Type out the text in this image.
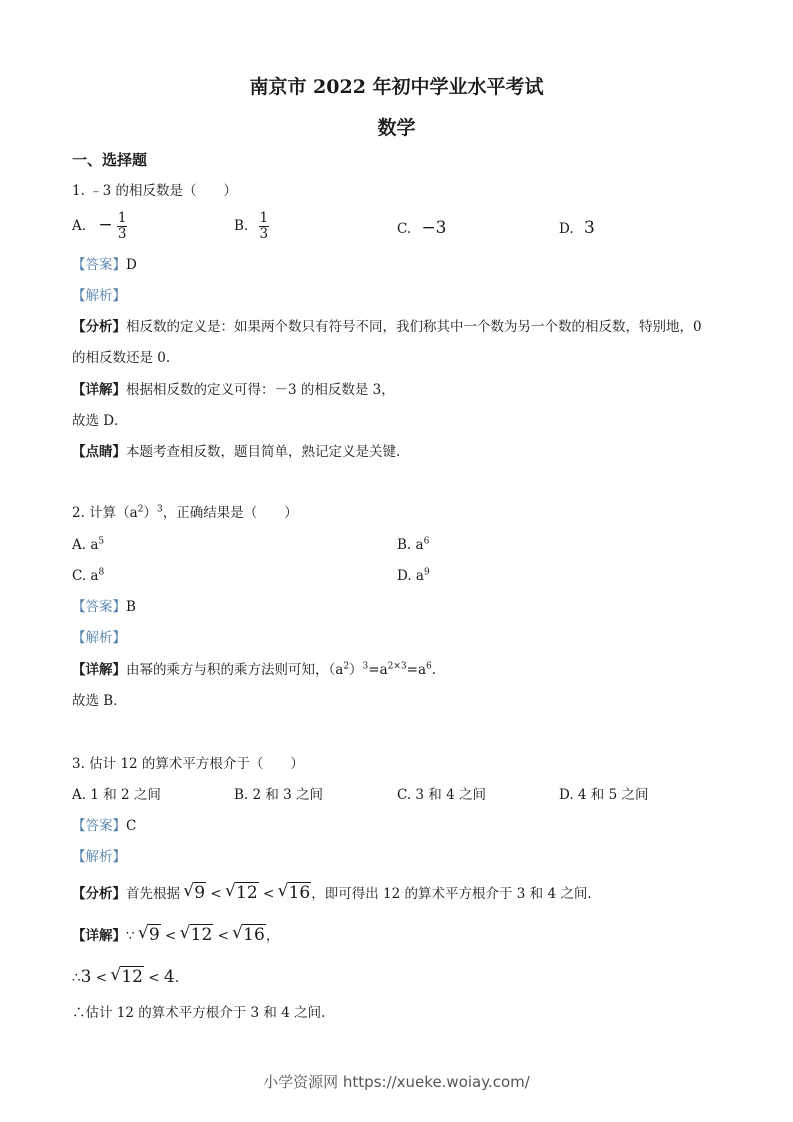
南京市 2022 年初中学业水平考试
数学
一、选择题
1. ﹣3 的相反数是（　　）
A. − $\frac{1}{3}$	B. $\frac{1}{3}$	C. −3	D. 3
【答案】D
【解析】
【分析】相反数的定义是：如果两个数只有符号不同，我们称其中一个数为另一个数的相反数，特别地，0
的相反数还是 0.
【详解】根据相反数的定义可得：－3 的相反数是 3，
故选 D．
【点睛】本题考查相反数，题目简单，熟记定义是关键.
2. 计算$(a^2)^3$，正确结果是（　　）
A. $a^5$	B. $a^6$
C. $a^8$	D. $a^9$
【答案】B
【解析】
【详解】由幂的乘方与积的乘方法则可知，$(a^2)^3=a^{2\times 3}=a^6$.
故选 B．
3. 估计 12 的算术平方根介于（　　）
A. 1 和 2 之间	B. 2 和 3 之间	C. 3 和 4 之间	D. 4 和 5 之间
【答案】C
【解析】
【分析】首先根据 √ 9 < √ 12 < √ 16，即可得出 12 的算术平方根介于 3 和 4 之间.
【详解】∵ √ 9 < √ 12 < √ 16，
∴3 < √ 12 < 4.
∴估计 12 的算术平方根介于 3 和 4 之间.
小学资源网 https://xueke.woiay.com/
